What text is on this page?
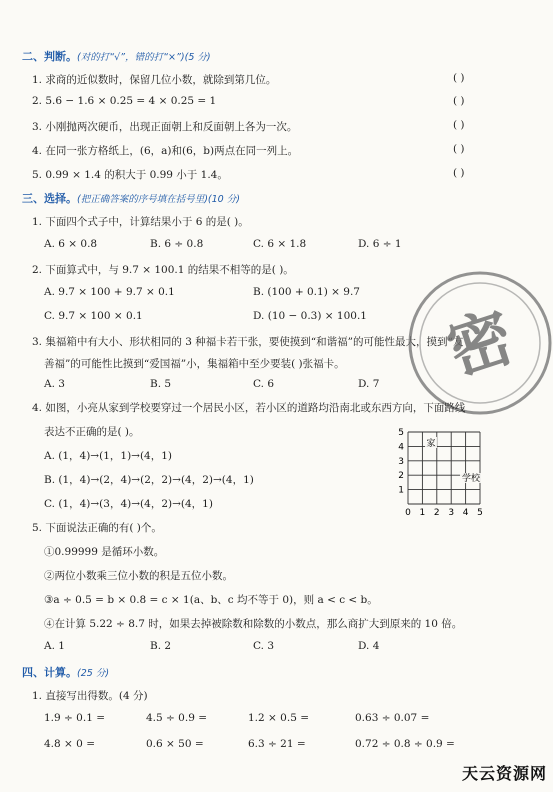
二、判断。(对的打“√”，错的打“×”)(5 分)
1. 求商的近似数时，保留几位小数，就除到第几位。	( )
2. 5.6 − 1.6 × 0.25 = 4 × 0.25 = 1	( )
3. 小刚抛两次硬币，出现正面朝上和反面朝上各为一次。	( )
4. 在同一张方格纸上，(6，a)和(6，b)两点在同一列上。	( )
5. 0.99 × 1.4 的积大于 0.99 小于 1.4。	( )
三、选择。(把正确答案的序号填在括号里)(10 分)
1. 下面四个式子中，计算结果小于 6 的是( )。
A. 6 × 0.8	B. 6 ÷ 0.8	C. 6 × 1.8	D. 6 ÷ 1
2. 下面算式中，与 9.7 × 100.1 的结果不相等的是( )。
A. 9.7 × 100 + 9.7 × 0.1	B. (100 + 0.1) × 9.7
C. 9.7 × 100 × 0.1	D. (10 − 0.3) × 100.1
3. 集福箱中有大小、形状相同的 3 种福卡若干张，要使摸到“和谐福”的可能性最大，摸到“友
善福”的可能性比摸到“爱国福”小，集福箱中至少要装( )张福卡。
A. 3	B. 5	C. 6	D. 7 密
4. 如图，小亮从家到学校要穿过一个居民小区，若小区的道路均沿南北或东西方向，下面路线
表达不正确的是( )。
A. (1，4)→(1，1)→(4，1)
B. (1，4)→(2，4)→(2，2)→(4，2)→(4，1)
C. (1，4)→(3，4)→(4，2)→(4，1)
0 1 2 3 4 5
1
2
3
4
5
家
学校
5. 下面说法正确的有( )个。
①0.99999 是循环小数。
②两位小数乘三位小数的积是五位小数。
③a ÷ 0.5 = b × 0.8 = c × 1(a、b、c 均不等于 0)，则 a < c < b。
④在计算 5.22 ÷ 8.7 时，如果去掉被除数和除数的小数点，那么商扩大到原来的 10 倍。
A. 1	B. 2	C. 3	D. 4
四、计算。(25 分)
1. 直接写出得数。(4 分)
1.9 ÷ 0.1 =	4.5 ÷ 0.9 =	1.2 × 0.5 =	0.63 ÷ 0.07 =
4.8 × 0 =	0.6 × 50 =	6.3 ÷ 21 =	0.72 ÷ 0.8 ÷ 0.9 =
天云资源网
